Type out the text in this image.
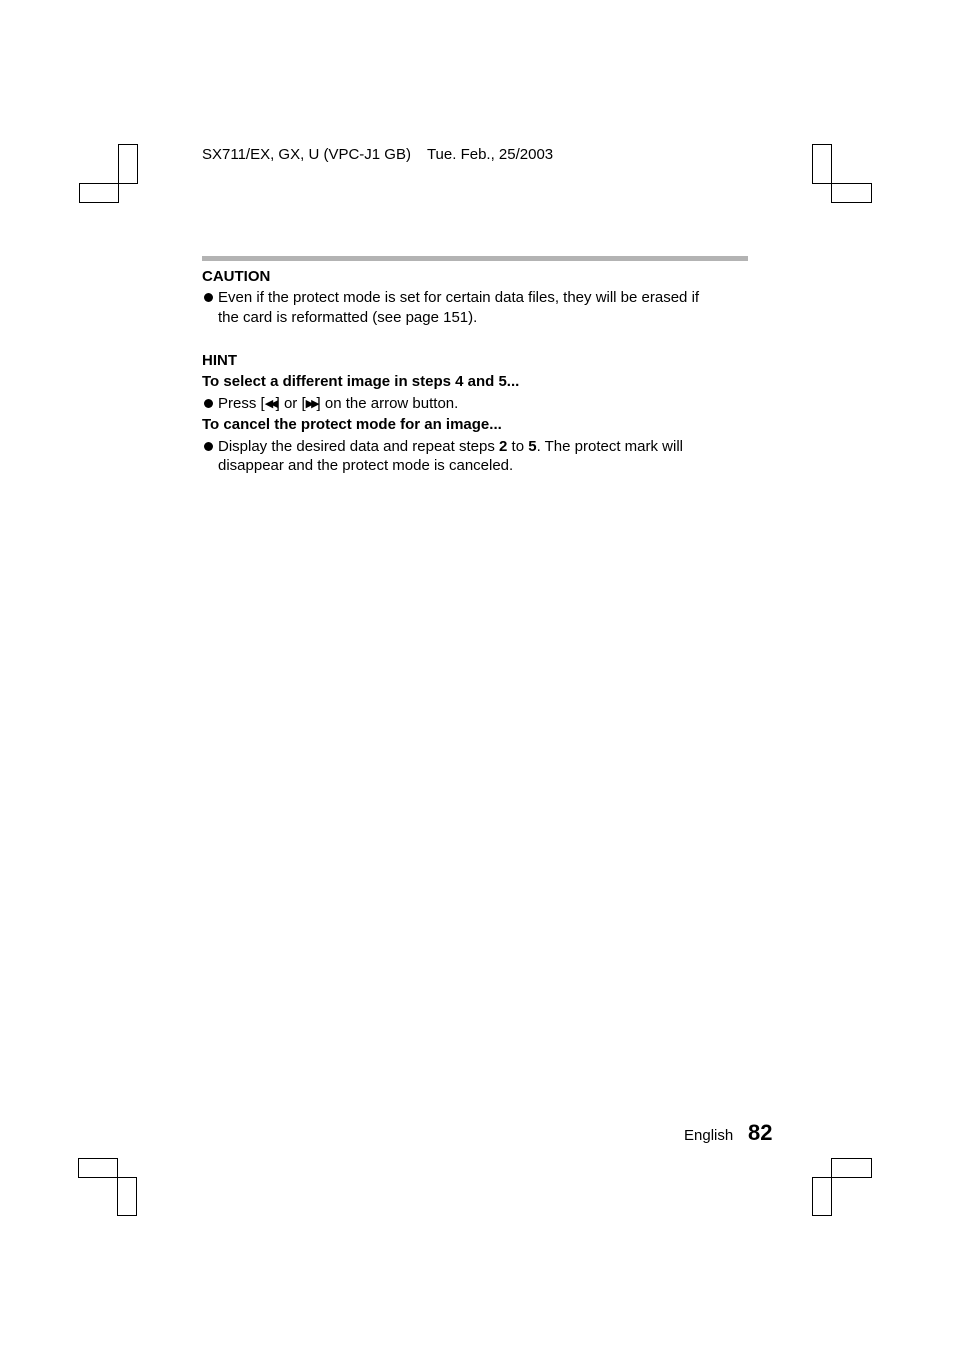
SX711/EX, GX, U (VPC-J1 GB) Tue. Feb., 25/2003
CAUTION
Even if the protect mode is set for certain data files, they will be erased if
the card is reformatted (see page 151).
HINT
To select a different image in steps 4 and 5...
Press [◀◀] or [▶▶] on the arrow button.
To cancel the protect mode for an image...
Display the desired data and repeat steps 2 to 5. The protect mark will
disappear and the protect mode is canceled.
English 82
